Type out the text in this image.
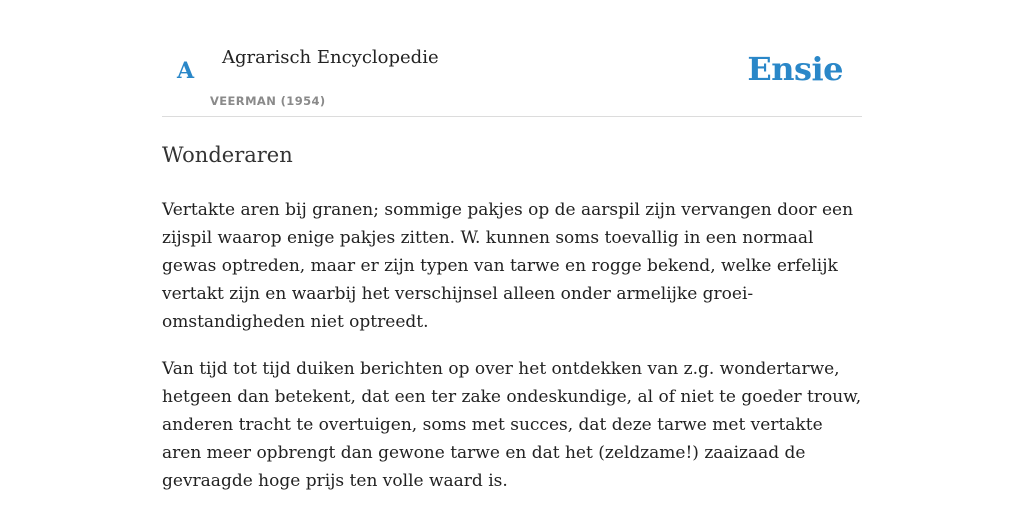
A
Agrarisch Encyclopedie
VEERMAN (1954)
Ensie
Wonderaren

Vertakte aren bij granen; sommige pakjes op de aarspil zijn vervangen door een zijspil waarop enige pakjes zitten. W. kunnen soms toevallig in een normaal gewas optreden, maar er zijn typen van tarwe en rogge bekend, welke erfelijk vertakt zijn en waarbij het verschijnsel alleen onder armelijke groei-omstandigheden niet optreedt.

Van tijd tot tijd duiken berichten op over het ontdekken van z.g. wondertarwe, hetgeen dan betekent, dat een ter zake ondeskundige, al of niet te goeder trouw, anderen tracht te overtuigen, soms met succes, dat deze tarwe met vertakte aren meer opbrengt dan gewone tarwe en dat het (zeldzame!) zaaizaad de gevraagde hoge prijs ten volle waard is.
